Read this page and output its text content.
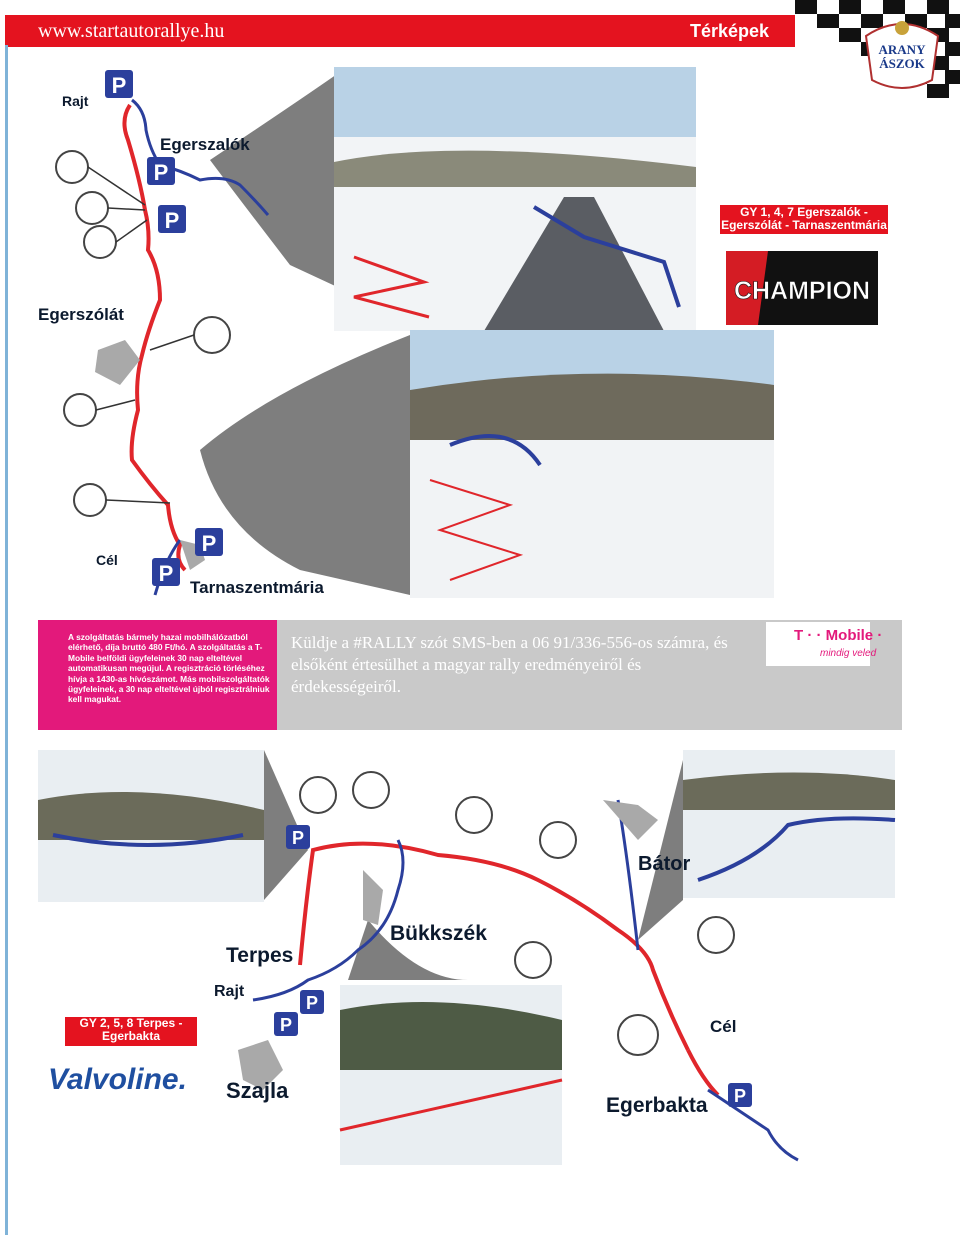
www.startautorallye.hu	Térképek
ARANY
ÁSZOK
P
P
P
P
P
Rajt
Egerszalók
Egerszólát
Cél
Tarnaszentmária
GY 1, 4, 7 Egerszalók -
Egerszólát - Tarnaszentmária
CHAMPION
A szolgáltatás bármely hazai mobilhálózatból elérhető, díja bruttó 480 Ft/hó. A szolgáltatás a T-Mobile belföldi ügyfeleinek 30 nap elteltével automatikusan megújul. A regisztráció törléséhez hívja a 1430-as hívószámot. Más mobilszolgáltatók ügyfeleinek, a 30 nap elteltével újból regisztrálniuk kell magukat.
Küldje a #RALLY szót SMS-ben a 06 91/336-556-os számra, és elsőként értesülhet a magyar rally eredményeiről és érdekességeiről.
T · · Mobile ·
mindig veled
P
P
P
P
Terpes
Rajt
Bükkszék
Bátor
Szajla
Cél
Egerbakta
GY 2, 5, 8 Terpes -
Egerbakta
Valvoline.
